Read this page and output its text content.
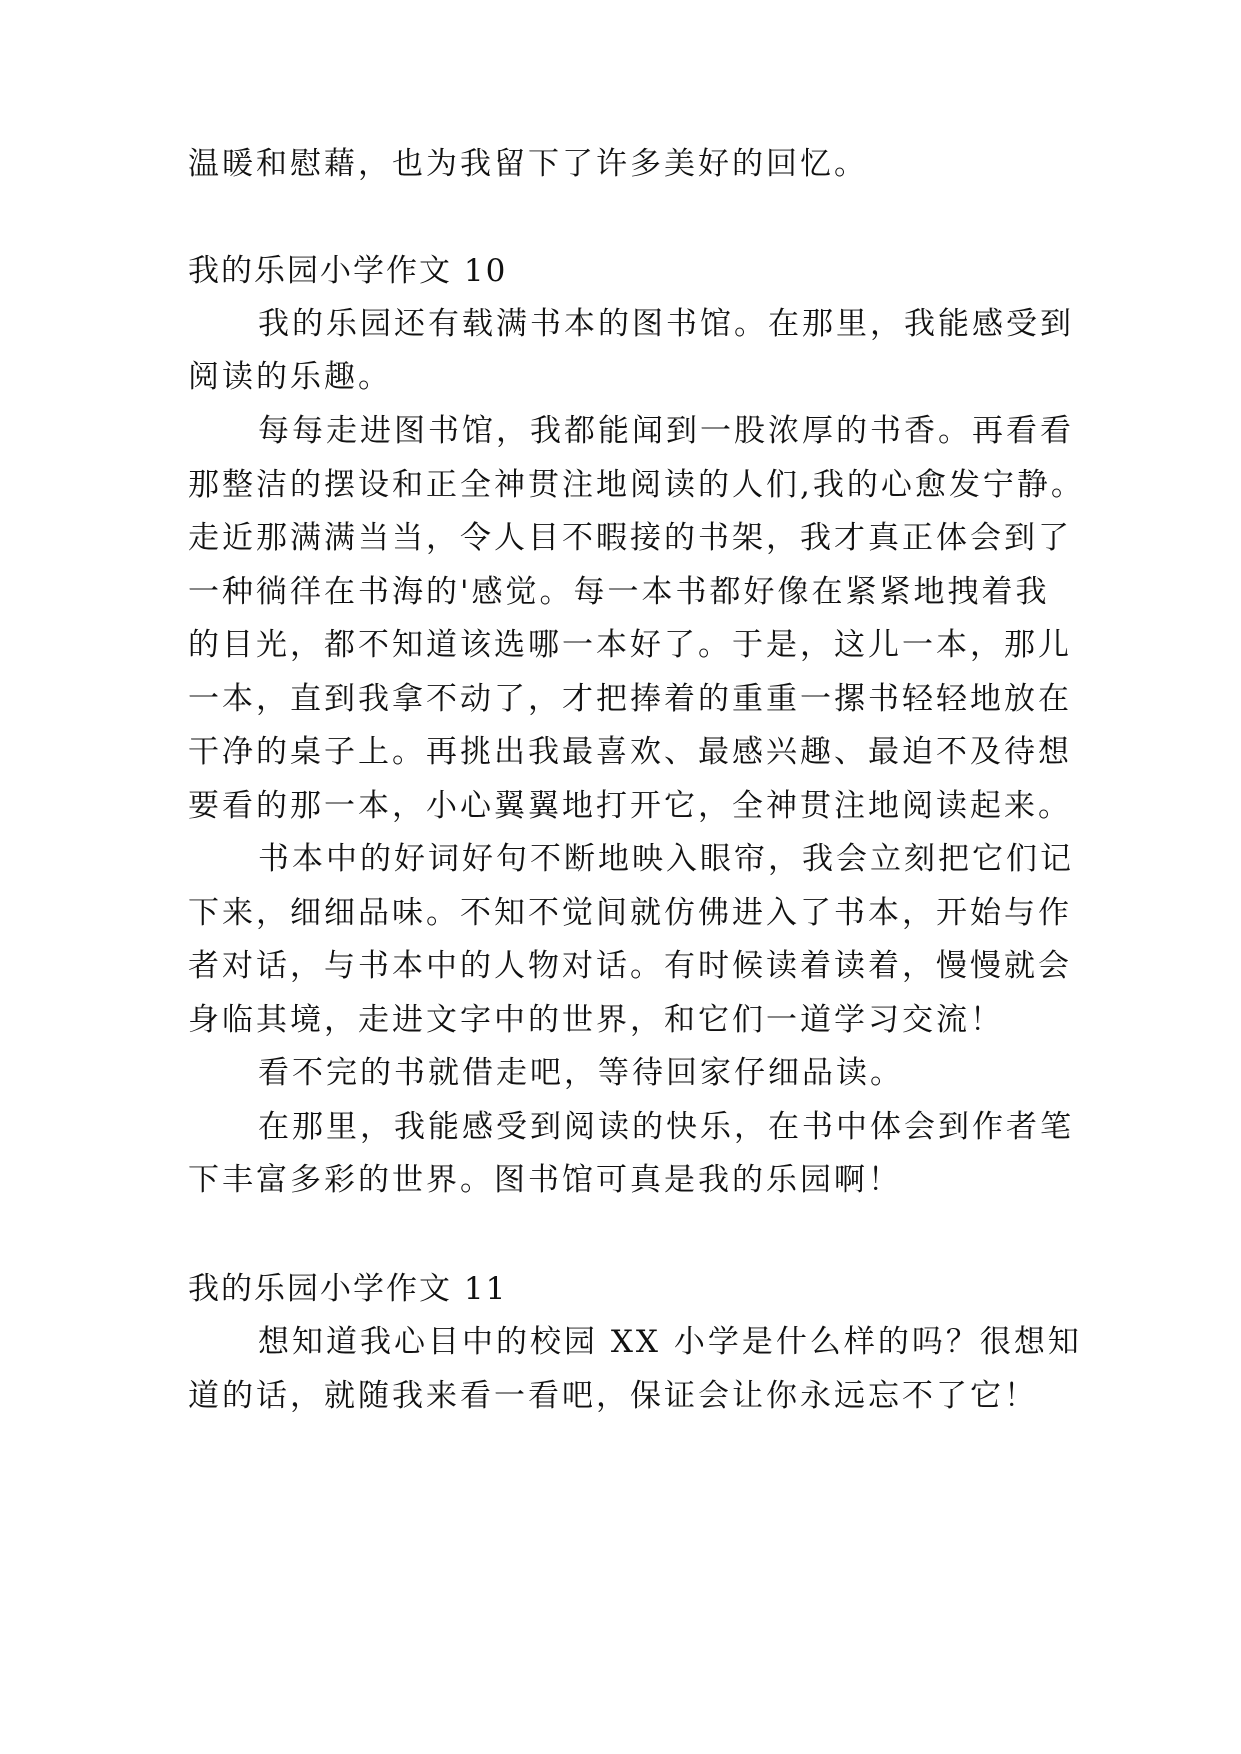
温暖和慰藉，也为我留下了许多美好的回忆。
我的乐园小学作文 10
我的乐园还有载满书本的图书馆。在那里，我能感受到
阅读的乐趣。
每每走进图书馆，我都能闻到一股浓厚的书香。再看看
那整洁的摆设和正全神贯注地阅读的人们,我的心愈发宁静。
走近那满满当当，令人目不暇接的书架，我才真正体会到了
一种徜徉在书海的'感觉。每一本书都好像在紧紧地拽着我
的目光，都不知道该选哪一本好了。于是，这儿一本，那儿
一本，直到我拿不动了，才把捧着的重重一摞书轻轻地放在
干净的桌子上。再挑出我最喜欢、最感兴趣、最迫不及待想
要看的那一本，小心翼翼地打开它，全神贯注地阅读起来。
书本中的好词好句不断地映入眼帘，我会立刻把它们记
下来，细细品味。不知不觉间就仿佛进入了书本，开始与作
者对话，与书本中的人物对话。有时候读着读着，慢慢就会
身临其境，走进文字中的世界，和它们一道学习交流！
看不完的书就借走吧，等待回家仔细品读。
在那里，我能感受到阅读的快乐，在书中体会到作者笔
下丰富多彩的世界。图书馆可真是我的乐园啊！
我的乐园小学作文 11
想知道我心目中的校园 XX 小学是什么样的吗？很想知
道的话，就随我来看一看吧，保证会让你永远忘不了它！
